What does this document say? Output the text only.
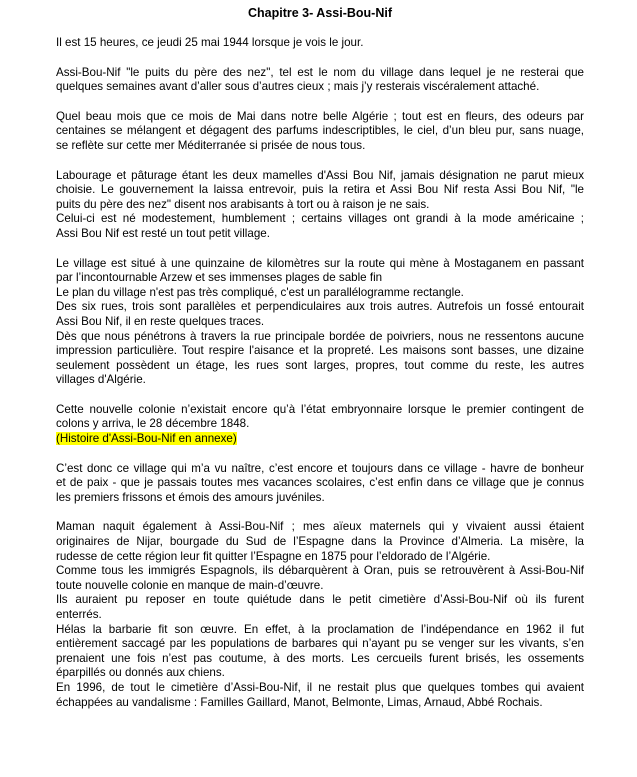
Chapitre 3- Assi-Bou-Nif
Il est 15 heures, ce jeudi 25 mai 1944 lorsque je vois le jour.
Assi-Bou-Nif "le puits du père des nez", tel est le nom du village dans lequel je ne resterai que
quelques semaines avant d’aller sous d’autres cieux ; mais j’y resterais viscéralement attaché.
Quel beau mois que ce mois de Mai dans notre belle Algérie ; tout est en fleurs, des odeurs par
centaines se mélangent et dégagent des parfums indescriptibles, le ciel, d’un bleu pur, sans nuage,
se reflète sur cette mer Méditerranée si prisée de nous tous.
Labourage et pâturage étant les deux mamelles d'Assi Bou Nif, jamais désignation ne parut mieux
choisie. Le gouvernement la laissa entrevoir, puis la retira et Assi Bou Nif resta Assi Bou Nif, "le
puits du père des nez" disent nos arabisants à tort ou à raison je ne sais.
Celui-ci est né modestement, humblement ; certains villages ont grandi à la mode américaine ;
Assi Bou Nif est resté un tout petit village.
Le village est situé à une quinzaine de kilomètres sur la route qui mène à Mostaganem en passant
par l’incontournable Arzew et ses immenses plages de sable fin
Le plan du village n'est pas très compliqué, c'est un parallélogramme rectangle.
Des six rues, trois sont parallèles et perpendiculaires aux trois autres. Autrefois un fossé entourait
Assi Bou Nif, il en reste quelques traces.
Dès que nous pénétrons à travers la rue principale bordée de poivriers, nous ne ressentons aucune
impression particulière. Tout respire l'aisance et la propreté. Les maisons sont basses, une dizaine
seulement possèdent un étage, les rues sont larges, propres, tout comme du reste, les autres
villages d'Algérie.
Cette nouvelle colonie n’existait encore qu’à l’état embryonnaire lorsque le premier contingent de
colons y arriva, le 28 décembre 1848.
(Histoire d'Assi-Bou-Nif en annexe)
C’est donc ce village qui m’a vu naître, c’est encore et toujours dans ce village - havre de bonheur
et de paix - que je passais toutes mes vacances scolaires, c’est enfin dans ce village que je connus
les premiers frissons et émois des amours juvéniles.
Maman naquit également à Assi-Bou-Nif ; mes aïeux maternels qui y vivaient aussi étaient
originaires de Nijar, bourgade du Sud de l’Espagne dans la Province d’Almeria. La misère, la
rudesse de cette région leur fit quitter l’Espagne en 1875 pour l’eldorado de l’Algérie.
Comme tous les immigrés Espagnols, ils débarquèrent à Oran, puis se retrouvèrent à Assi-Bou-Nif
toute nouvelle colonie en manque de main-d’œuvre.
Ils auraient pu reposer en toute quiétude dans le petit cimetière d’Assi-Bou-Nif où ils furent
enterrés.
Hélas la barbarie fit son œuvre. En effet, à la proclamation de l’indépendance en 1962 il fut
entièrement saccagé par les populations de barbares qui n’ayant pu se venger sur les vivants, s’en
prenaient une fois n’est pas coutume, à des morts. Les cercueils furent brisés, les ossements
éparpillés ou donnés aux chiens.
En 1996, de tout le cimetière d’Assi-Bou-Nif, il ne restait plus que quelques tombes qui avaient
échappées au vandalisme : Familles Gaillard, Manot, Belmonte, Limas, Arnaud, Abbé Rochais.
